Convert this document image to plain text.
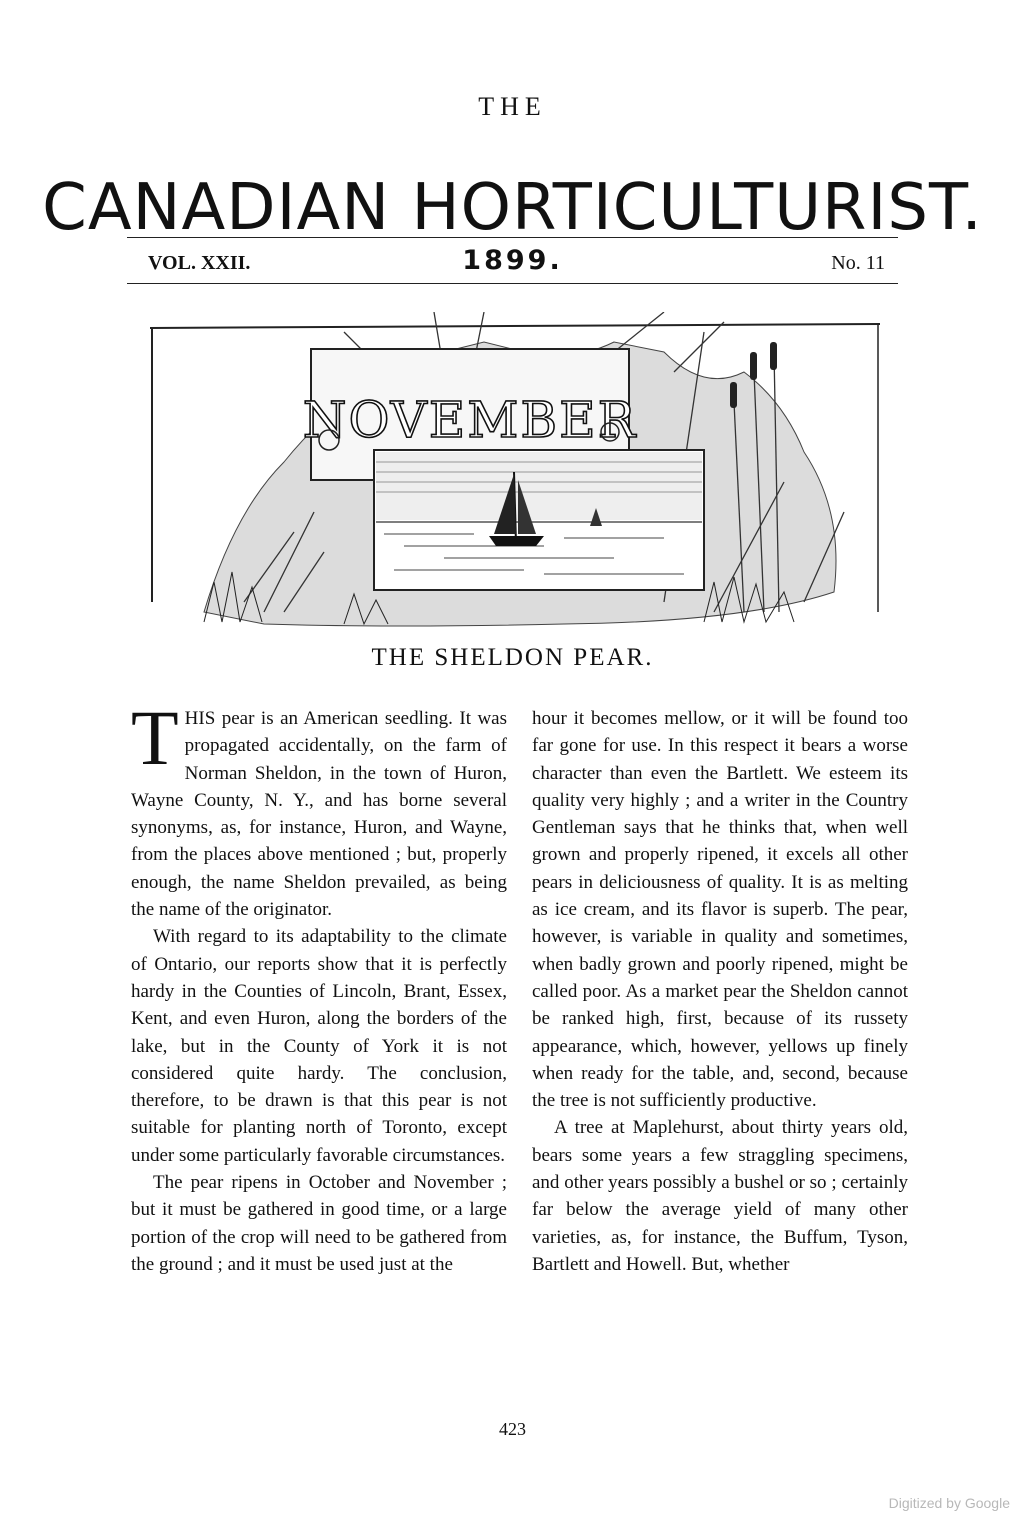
THE
CANADIAN HORTICULTURIST.
VOL. XXII.	1899.	No. 11
NOVEMBER
THE SHELDON PEAR.

THIS pear is an American seedling. It was propagated accidentally, on the farm of Norman Sheldon, in the town of Huron, Wayne County, N. Y., and has borne several synonyms, as, for instance, Huron, and Wayne, from the places above mentioned ; but, properly enough, the name Sheldon prevailed, as being the name of the originator.

With regard to its adaptability to the climate of Ontario, our reports show that it is perfectly hardy in the Counties of Lincoln, Brant, Essex, Kent, and even Huron, along the borders of the lake, but in the County of York it is not considered quite hardy. The conclusion, therefore, to be drawn is that this pear is not suitable for planting north of Toronto, except under some particularly favorable circumstances.

The pear ripens in October and November ; but it must be gathered in good time, or a large portion of the crop will need to be gathered from the ground ; and it must be used just at the

hour it becomes mellow, or it will be found too far gone for use. In this respect it bears a worse character than even the Bartlett. We esteem its quality very highly ; and a writer in the Country Gentleman says that he thinks that, when well grown and properly ripened, it excels all other pears in deliciousness of quality. It is as melting as ice cream, and its flavor is superb. The pear, however, is variable in quality and sometimes, when badly grown and poorly ripened, might be called poor. As a market pear the Sheldon cannot be ranked high, first, because of its russety appearance, which, however, yellows up finely when ready for the table, and, second, because the tree is not sufficiently productive.

A tree at Maplehurst, about thirty years old, bears some years a few straggling specimens, and other years possibly a bushel or so ; certainly far below the average yield of many other varieties, as, for instance, the Buffum, Tyson, Bartlett and Howell. But, whether

423
Digitized by Google
